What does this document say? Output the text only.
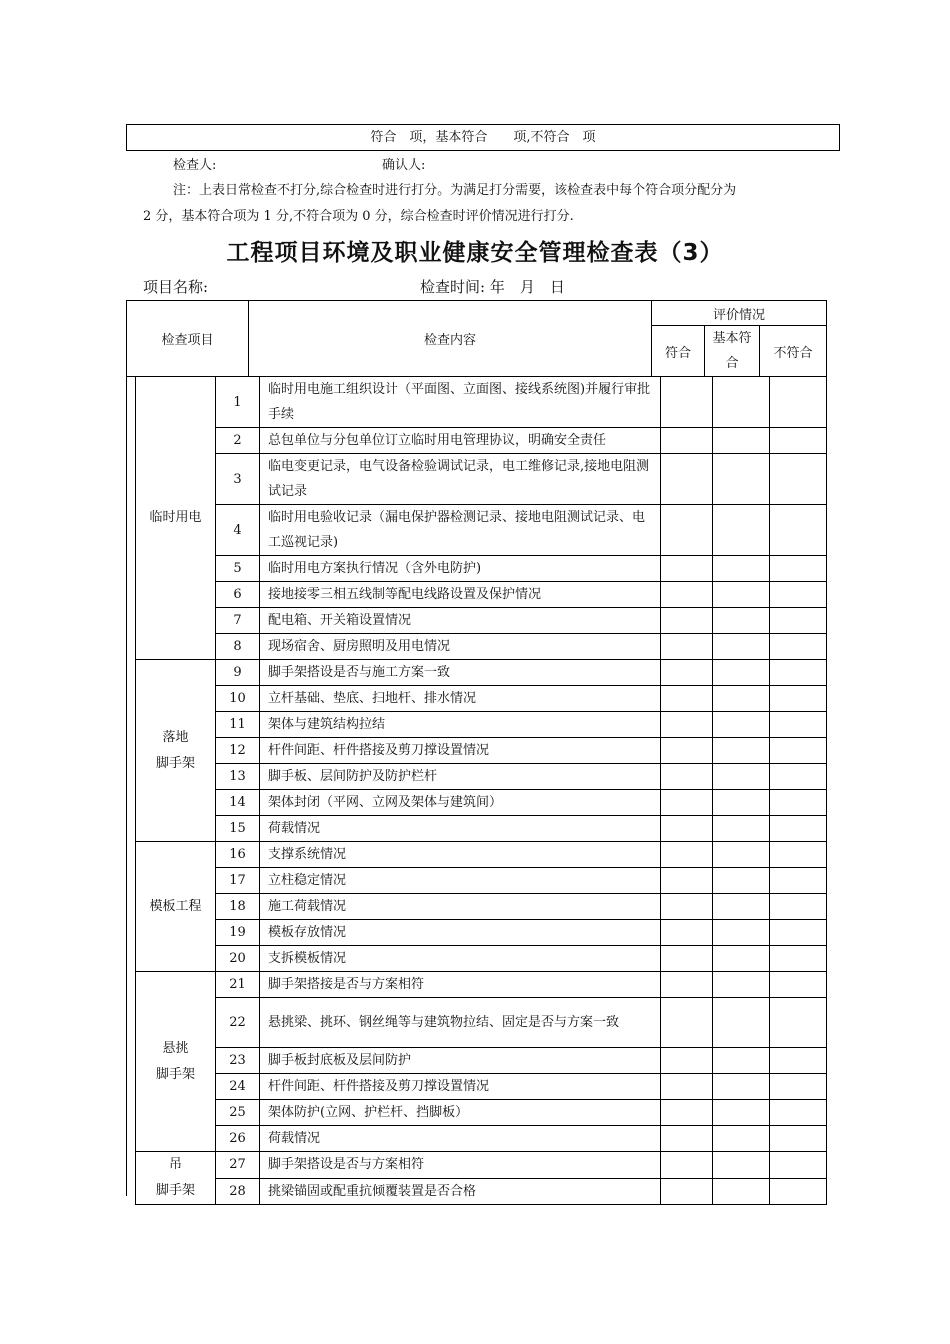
符合　项，基本符合　　项,不符合　项
检查人:	确认人:
注：上表日常检查不打分,综合检查时进行打分。为满足打分需要，该检查表中每个符合项分配分为
2 分，基本符合项为 1 分,不符合项为 0 分，综合检查时评价情况进行打分.
工程项目环境及职业健康安全管理检查表（3）
项目名称:	检查时间: 年　月　日
检查项目	检查内容	评价情况		
		符合	基本符合	不符合
临时用电	1	临时用电施工组织设计（平面图、立面图、接线系统图)并履行审批手续			
	2	总包单位与分包单位订立临时用电管理协议，明确安全责任			
	3	临电变更记录，电气设备检验调试记录，电工维修记录,接地电阻测试记录			
	4	临时用电验收记录（漏电保护器检测记录、接地电阻测试记录、电工巡视记录)			
	5	临时用电方案执行情况（含外电防护)			
	6	接地接零三相五线制等配电线路设置及保护情况			
	7	配电箱、开关箱设置情况			
	8	现场宿舍、厨房照明及用电情况			
落地
脚手架	9	脚手架搭设是否与施工方案一致			
	10	立杆基础、垫底、扫地杆、排水情况			
	11	架体与建筑结构拉结			
	12	杆件间距、杆件搭接及剪刀撑设置情况			
	13	脚手板、层间防护及防护栏杆			
	14	架体封闭（平网、立网及架体与建筑间）			
	15	荷载情况			
模板工程	16	支撑系统情况			
	17	立柱稳定情况			
	18	施工荷载情况			
	19	模板存放情况			
	20	支拆模板情况			
悬挑
脚手架	21	脚手架搭接是否与方案相符			
	22	悬挑梁、挑环、钢丝绳等与建筑物拉结、固定是否与方案一致			
	23	脚手板封底板及层间防护			
	24	杆件间距、杆件搭接及剪刀撑设置情况			
	25	架体防护(立网、护栏杆、挡脚板）			
	26	荷载情况			
吊
脚手架	27	脚手架搭设是否与方案相符			
	28	挑梁锚固或配重抗倾覆装置是否合格			
